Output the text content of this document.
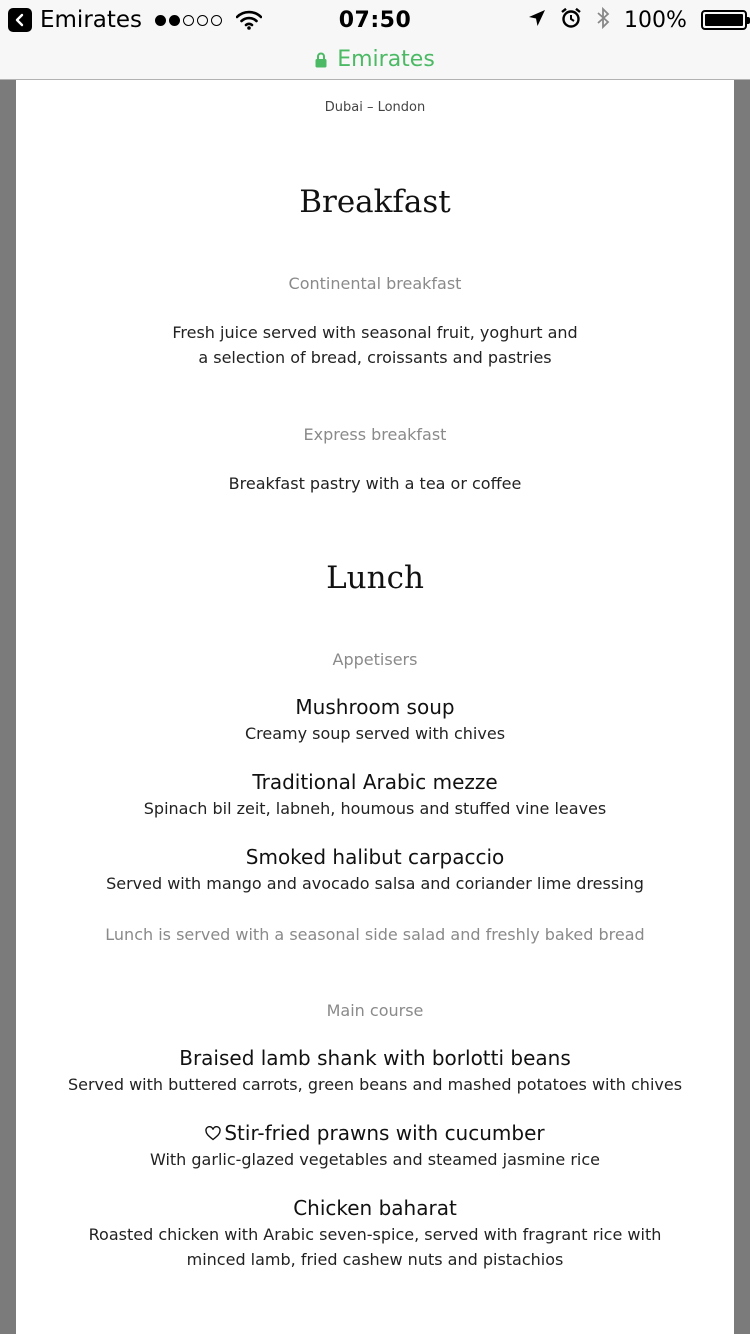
Emirates	07:50	100%
Emirates
Dubai – London
Breakfast
Continental breakfast
Fresh juice served with seasonal fruit, yoghurt and
a selection of bread, croissants and pastries
Express breakfast
Breakfast pastry with a tea or coffee
Lunch
Appetisers
Mushroom soup
Creamy soup served with chives
Traditional Arabic mezze
Spinach bil zeit, labneh, houmous and stuffed vine leaves
Smoked halibut carpaccio
Served with mango and avocado salsa and coriander lime dressing
Lunch is served with a seasonal side salad and freshly baked bread
Main course
Braised lamb shank with borlotti beans
Served with buttered carrots, green beans and mashed potatoes with chives
Stir-fried prawns with cucumber
With garlic-glazed vegetables and steamed jasmine rice
Chicken baharat
Roasted chicken with Arabic seven-spice, served with fragrant rice with
minced lamb, fried cashew nuts and pistachios
